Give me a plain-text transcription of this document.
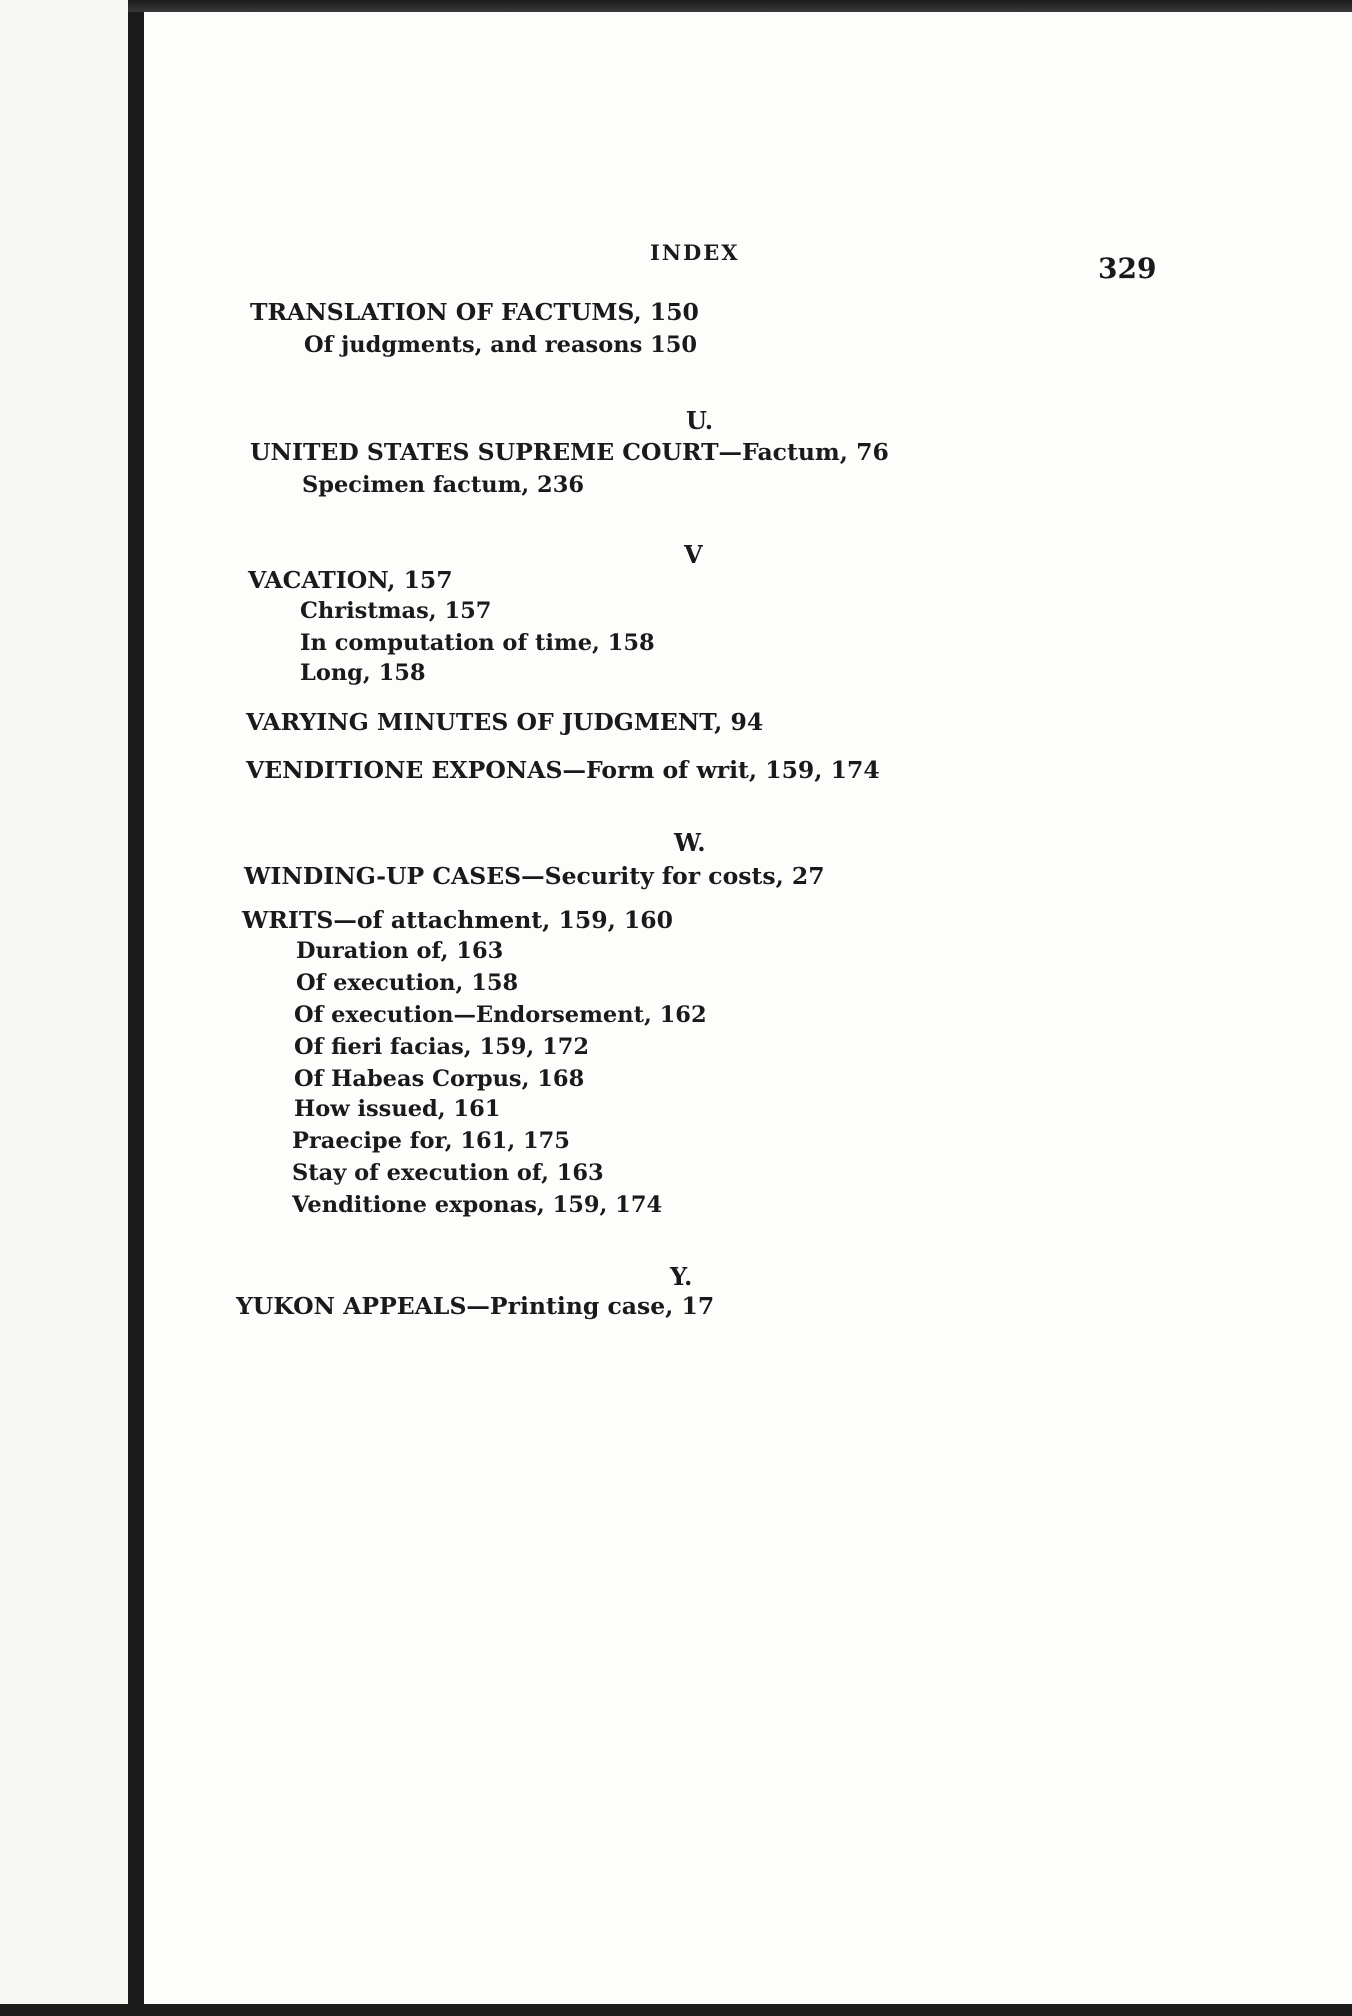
INDEX	329
TRANSLATION OF FACTUMS, 150
Of judgments, and reasons 150
U.
UNITED STATES SUPREME COURT—Factum, 76
Specimen factum, 236
V
VACATION, 157
Christmas, 157
In computation of time, 158
Long, 158
VARYING MINUTES OF JUDGMENT, 94
VENDITIONE EXPONAS—Form of writ, 159, 174
W.
WINDING-UP CASES—Security for costs, 27
WRITS—of attachment, 159, 160
Duration of, 163
Of execution, 158
Of execution—Endorsement, 162
Of fieri facias, 159, 172
Of Habeas Corpus, 168
How issued, 161
Praecipe for, 161, 175
Stay of execution of, 163
Venditione exponas, 159, 174
Y.
YUKON APPEALS—Printing case, 17
